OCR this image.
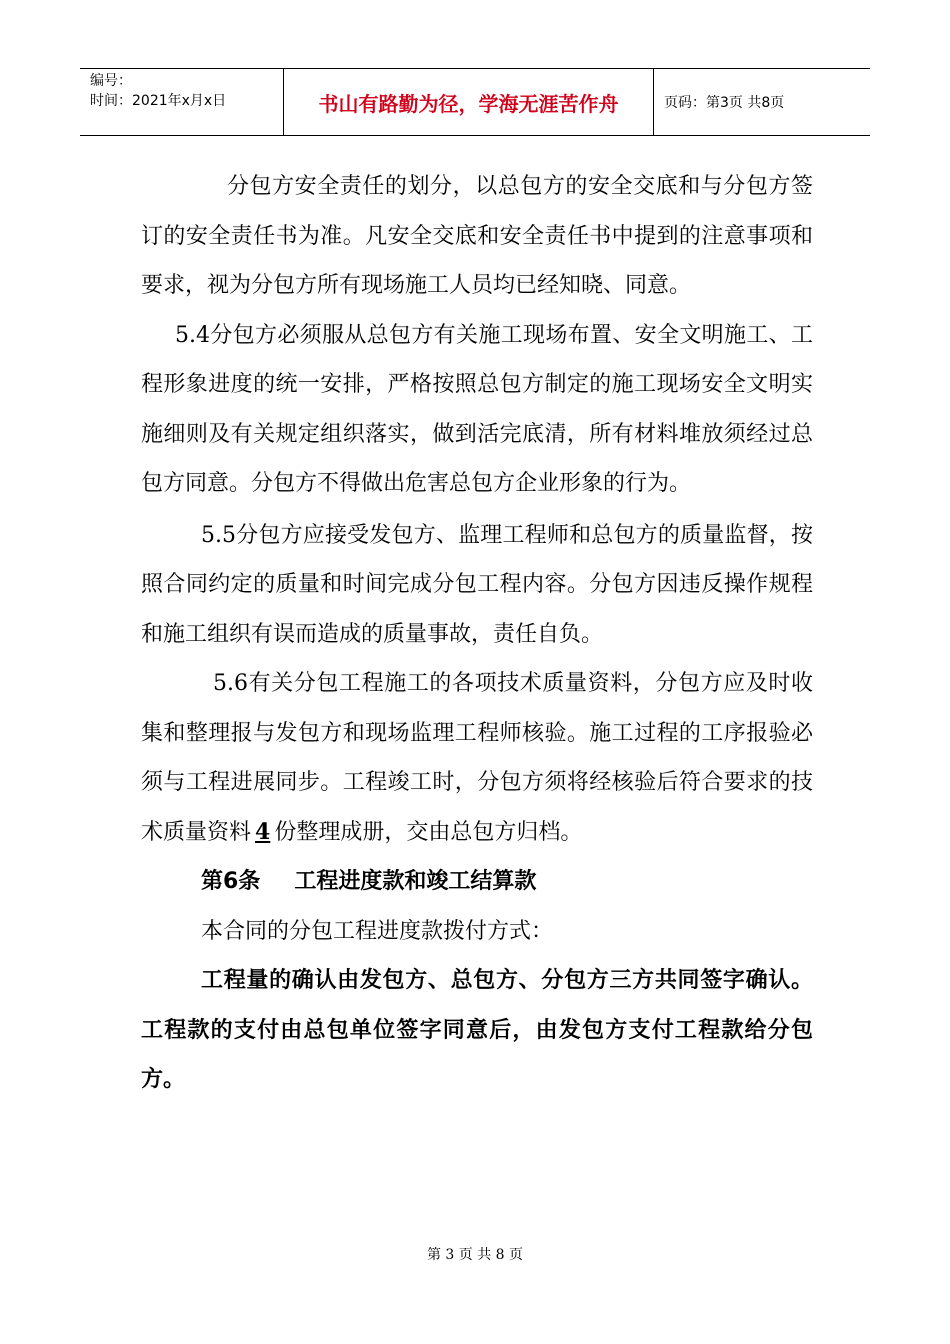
编号：
时间：2021年x月x日	书山有路勤为径，学海无涯苦作舟	页码：第3页 共8页

分包方安全责任的划分，以总包方的安全交底和与分包方签订的安全责任书为准。凡安全交底和安全责任书中提到的注意事项和要求，视为分包方所有现场施工人员均已经知晓、同意。

5.4分包方必须服从总包方有关施工现场布置、安全文明施工、工程形象进度的统一安排，严格按照总包方制定的施工现场安全文明实施细则及有关规定组织落实，做到活完底清，所有材料堆放须经过总包方同意。分包方不得做出危害总包方企业形象的行为。

5.5分包方应接受发包方、监理工程师和总包方的质量监督，按照合同约定的质量和时间完成分包工程内容。分包方因违反操作规程和施工组织有误而造成的质量事故，责任自负。

5.6有关分包工程施工的各项技术质量资料，分包方应及时收集和整理报与发包方和现场监理工程师核验。施工过程的工序报验必须与工程进展同步。工程竣工时，分包方须将经核验后符合要求的技术质量资料 4 份整理成册，交由总包方归档。

第6条 工程进度款和竣工结算款

本合同的分包工程进度款拨付方式：

工程量的确认由发包方、总包方、分包方三方共同签字确认。工程款的支付由总包单位签字同意后，由发包方支付工程款给分包方。

第 3 页 共 8 页
